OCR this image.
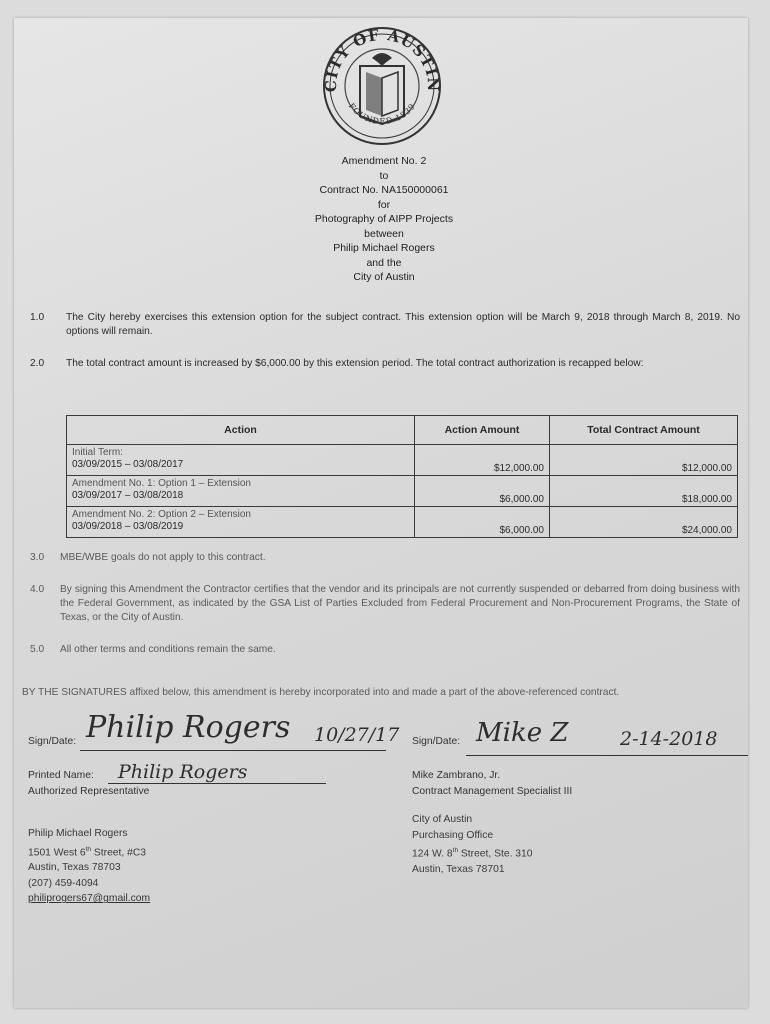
CITY OF AUSTIN
FOUNDED 1839
Amendment No. 2
to
Contract No. NA150000061
for
Photography of AIPP Projects
between
Philip Michael Rogers
and the
City of Austin
1.0 The City hereby exercises this extension option for the subject contract. This extension option will be March 9, 2018 through March 8, 2019. No options will remain.
2.0 The total contract amount is increased by $6,000.00 by this extension period. The total contract authorization is recapped below:
Action	Action Amount	Total Contract Amount

Initial Term:
03/09/2015 – 03/08/2017	$12,000.00	$12,000.00

Amendment No. 1: Option 1 – Extension
03/09/2017 – 03/08/2018	$6,000.00	$18,000.00

Amendment No. 2: Option 2 – Extension
03/09/2018 – 03/08/2019	$6,000.00	$24,000.00
3.0 MBE/WBE goals do not apply to this contract.
4.0 By signing this Amendment the Contractor certifies that the vendor and its principals are not currently suspended or debarred from doing business with the Federal Government, as indicated by the GSA List of Parties Excluded from Federal Procurement and Non-Procurement Programs, the State of Texas, or the City of Austin.
5.0 All other terms and conditions remain the same.
BY THE SIGNATURES affixed below, this amendment is hereby incorporated into and made a part of the above-referenced contract.
Sign/Date: Philip Rogers 10/27/17 Sign/Date: Mike Z	2-14-2018
Printed Name: Philip Rogers
Authorized Representative
Mike Zambrano, Jr.
Contract Management Specialist III
Philip Michael Rogers
1501 West 6th Street, #C3
Austin, Texas 78703
(207) 459-4094
philiprogers67@gmail.com
City of Austin
Purchasing Office
124 W. 8th Street, Ste. 310
Austin, Texas 78701
